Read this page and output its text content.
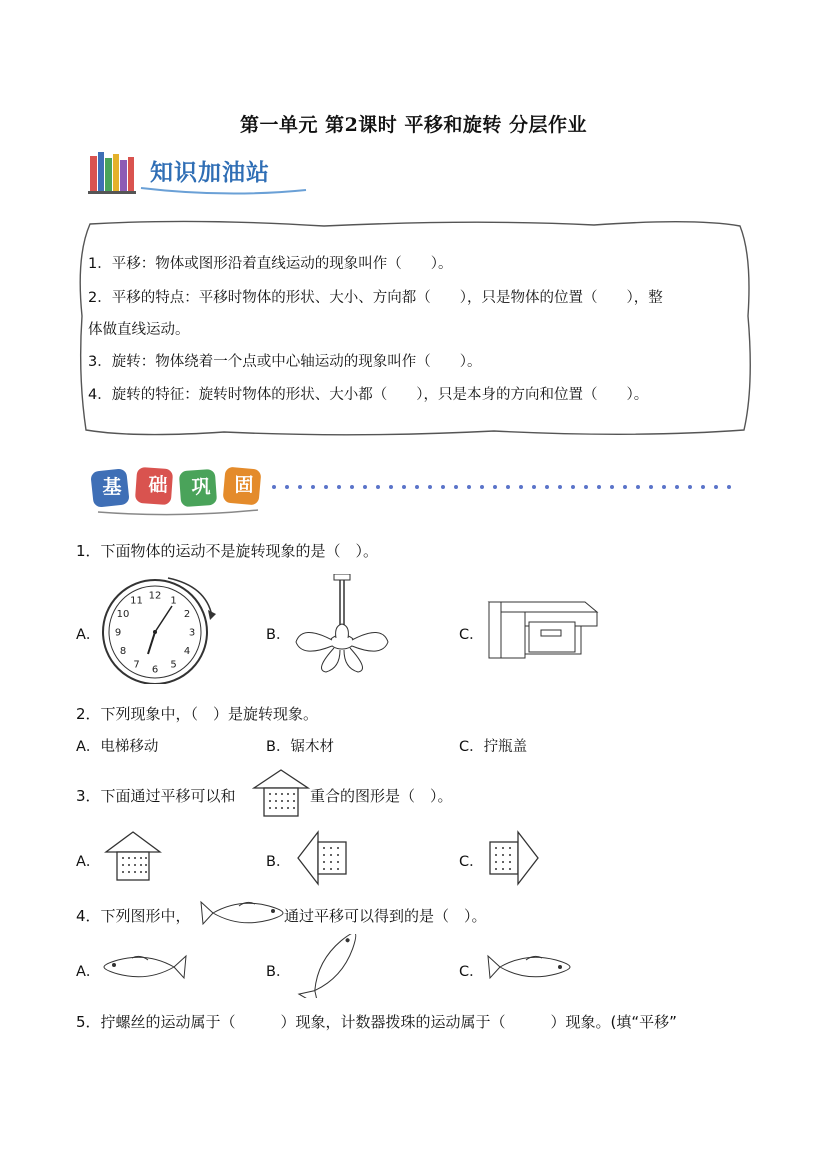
第一单元 第2课时 平移和旋转 分层作业
知识加油站
1．平移：物体或图形沿着直线运动的现象叫作（　　）。
2．平移的特点：平移时物体的形状、大小、方向都（　　），只是物体的位置（　　），整
体做直线运动。
3．旋转：物体绕着一个点或中心轴运动的现象叫作（　　）。
4．旋转的特征：旋转时物体的形状、大小都（　　），只是本身的方向和位置（　　）。
基	础	巩	固
1．下面物体的运动不是旋转现象的是（　）。
A．
12 1
2
3
4
5
6
7
8
9
10
11
B．	C．
2．下列现象中，（　）是旋转现象。
A．电梯移动	B．锯木材	C．拧瓶盖
3．下面通过平移可以和	重合的图形是（　）。
A．	B．	C．
4．下列图形中，	通过平移可以得到的是（　）。
A．	B．	C．
5．拧螺丝的运动属于（　　　）现象，计数器拨珠的运动属于（　　　）现象。(填“平移”
